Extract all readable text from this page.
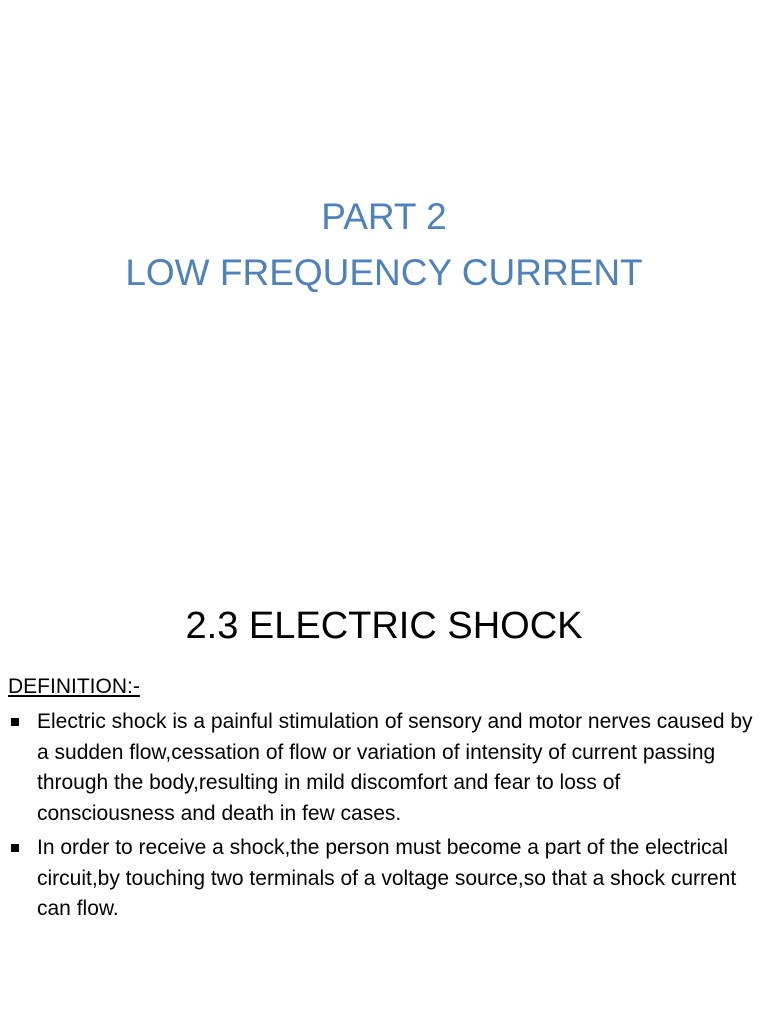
PART 2
LOW FREQUENCY CURRENT
2.3 ELECTRIC SHOCK
DEFINITION:-
Electric shock is a painful stimulation of sensory and motor nerves caused by a sudden flow,cessation of flow or variation of intensity of current passing through the body,resulting in mild discomfort and fear to loss of consciousness and death in few cases.
In order to receive a shock,the person must become a part of the electrical circuit,by touching two terminals of a voltage source,so that a shock current can flow.
